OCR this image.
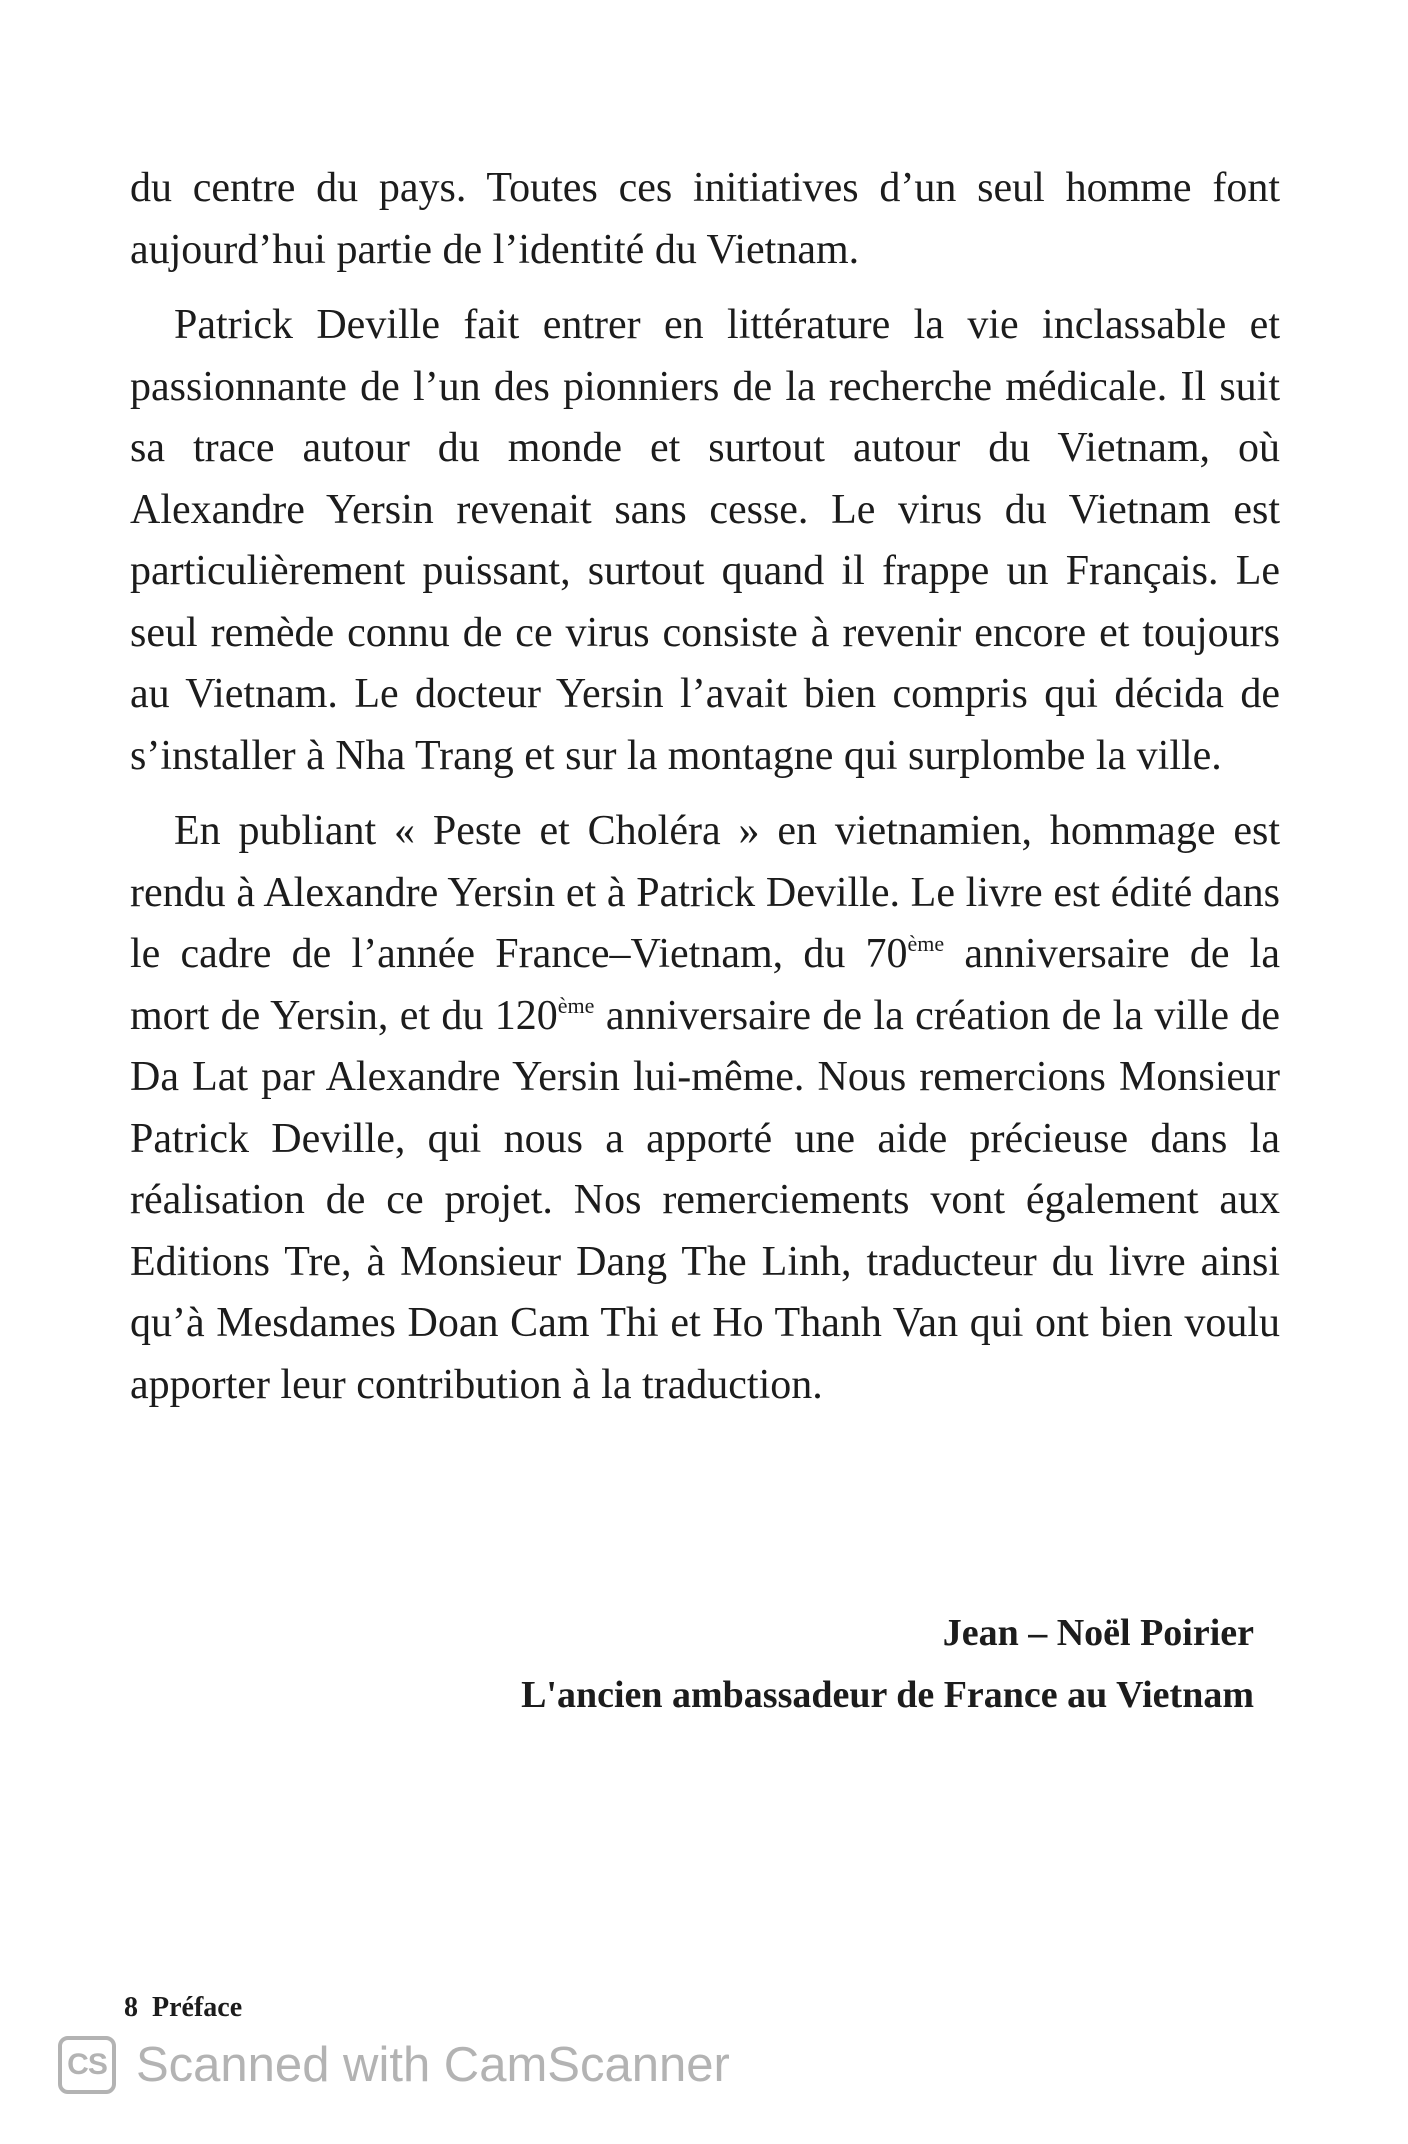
du centre du pays. Toutes ces initiatives d’un seul homme font aujourd’hui partie de l’identité du Vietnam.

Patrick Deville fait entrer en littérature la vie inclassable et passionnante de l’un des pionniers de la recherche médicale. Il suit sa trace autour du monde et surtout autour du Vietnam, où Alexandre Yersin revenait sans cesse. Le virus du Vietnam est particulièrement puissant, surtout quand il frappe un Français. Le seul remède connu de ce virus consiste à revenir encore et toujours au Vietnam. Le docteur Yersin l’avait bien compris qui décida de s’installer à Nha Trang et sur la montagne qui surplombe la ville.

En publiant « Peste et Choléra » en vietnamien, hommage est rendu à Alexandre Yersin et à Patrick Deville. Le livre est édité dans le cadre de l’année France–Vietnam, du 70ème anniversaire de la mort de Yersin, et du 120ème anniversaire de la création de la ville de Da Lat par Alexandre Yersin lui-même. Nous remercions Monsieur Patrick Deville, qui nous a apporté une aide précieuse dans la réalisation de ce projet. Nos remerciements vont également aux Editions Tre, à Monsieur Dang The Linh, traducteur du livre ainsi qu’à Mesdames Doan Cam Thi et Ho Thanh Van qui ont bien voulu apporter leur contribution à la traduction.

Jean – Noël Poirier
L'ancien ambassadeur de France au Vietnam
8 Préface
CS Scanned with CamScanner
